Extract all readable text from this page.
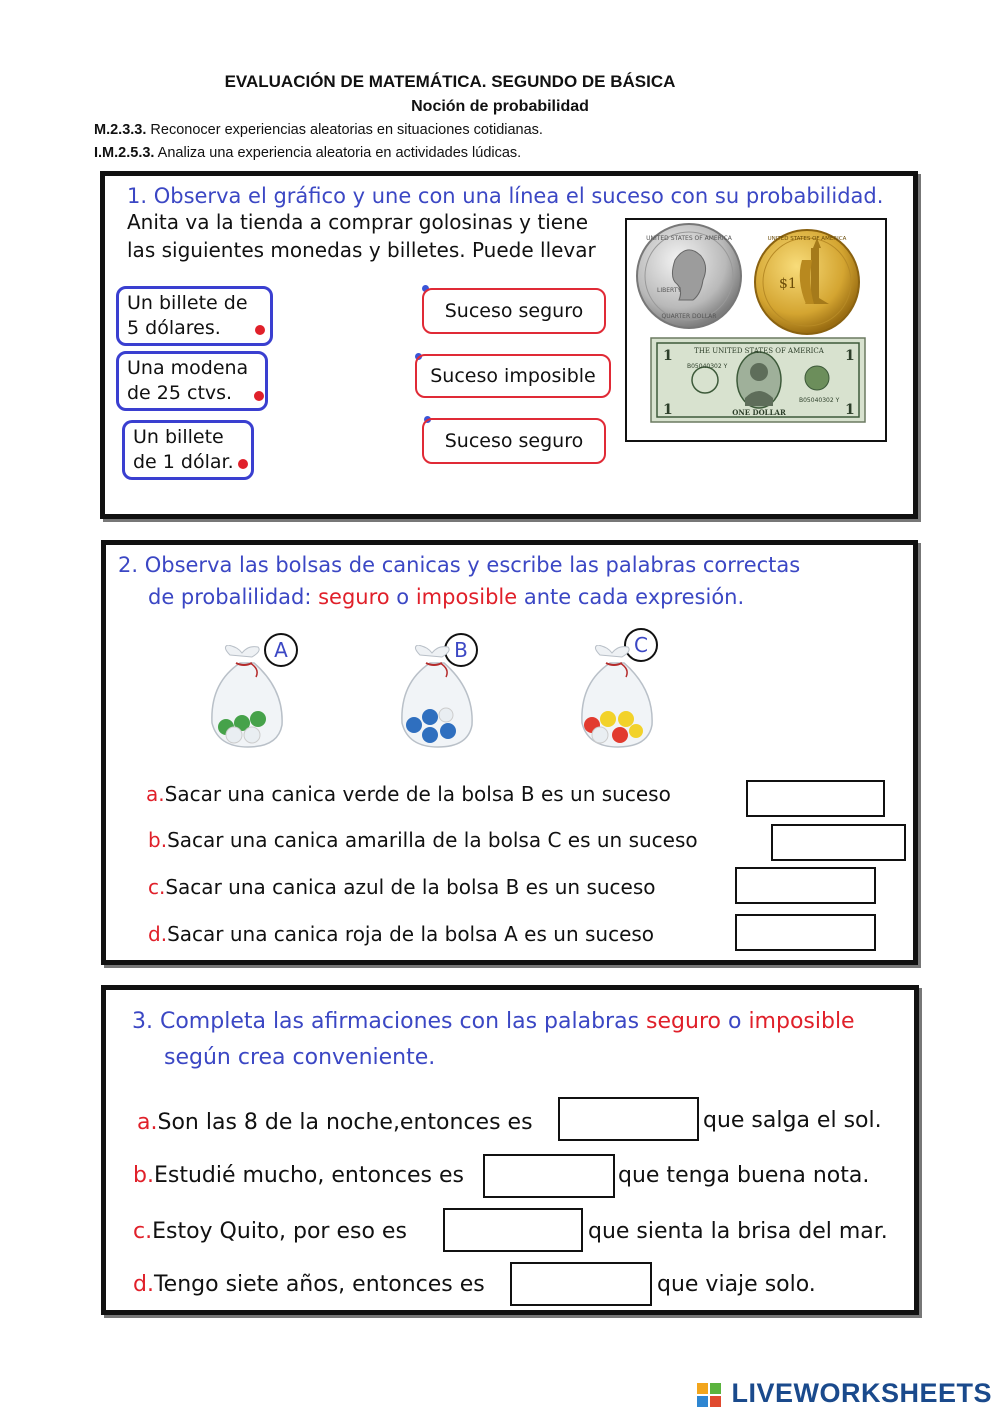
EVALUACIÓN DE MATEMÁTICA. SEGUNDO DE BÁSICA
Noción de probabilidad
M.2.3.3. Reconocer experiencias aleatorias en situaciones cotidianas.
I.M.2.5.3. Analiza una experiencia aleatoria en actividades lúdicas.
1. Observa el gráfico y une con una línea el suceso con su probabilidad.
Anita va la tienda a comprar golosinas y tiene
las siguientes monedas y billetes. Puede llevar
Un billete de
5 dólares.
Una modena
de 25 ctvs.
Un billete
de 1 dólar.
Suceso seguro
Suceso imposible
Suceso seguro
UNITED STATES OF AMERICA
LIBERTY
QUARTER DOLLAR
UNITED STATES OF AMERICA
$1
THE UNITED STATES OF AMERICA
B05040302 Y
B05040302 Y
ONE DOLLAR
1	1
1	1
2. Observa las bolsas de canicas y escribe las palabras correctas
de probalilidad: seguro o imposible ante cada expresión.
A	B	C
a.Sacar una canica verde de la bolsa B es un suceso
b.Sacar una canica amarilla de la bolsa C es un suceso
c.Sacar una canica azul de la bolsa B es un suceso
d.Sacar una canica roja de la bolsa A es un suceso
3. Completa las afirmaciones con las palabras seguro o imposible
según crea conveniente.
a.Son las 8 de la noche,entonces es	que salga el sol.
b.Estudié mucho, entonces es	que tenga buena nota.
c.Estoy Quito, por eso es	que sienta la brisa del mar.
d.Tengo siete años, entonces es	que viaje solo.
LIVEWORKSHEETS
